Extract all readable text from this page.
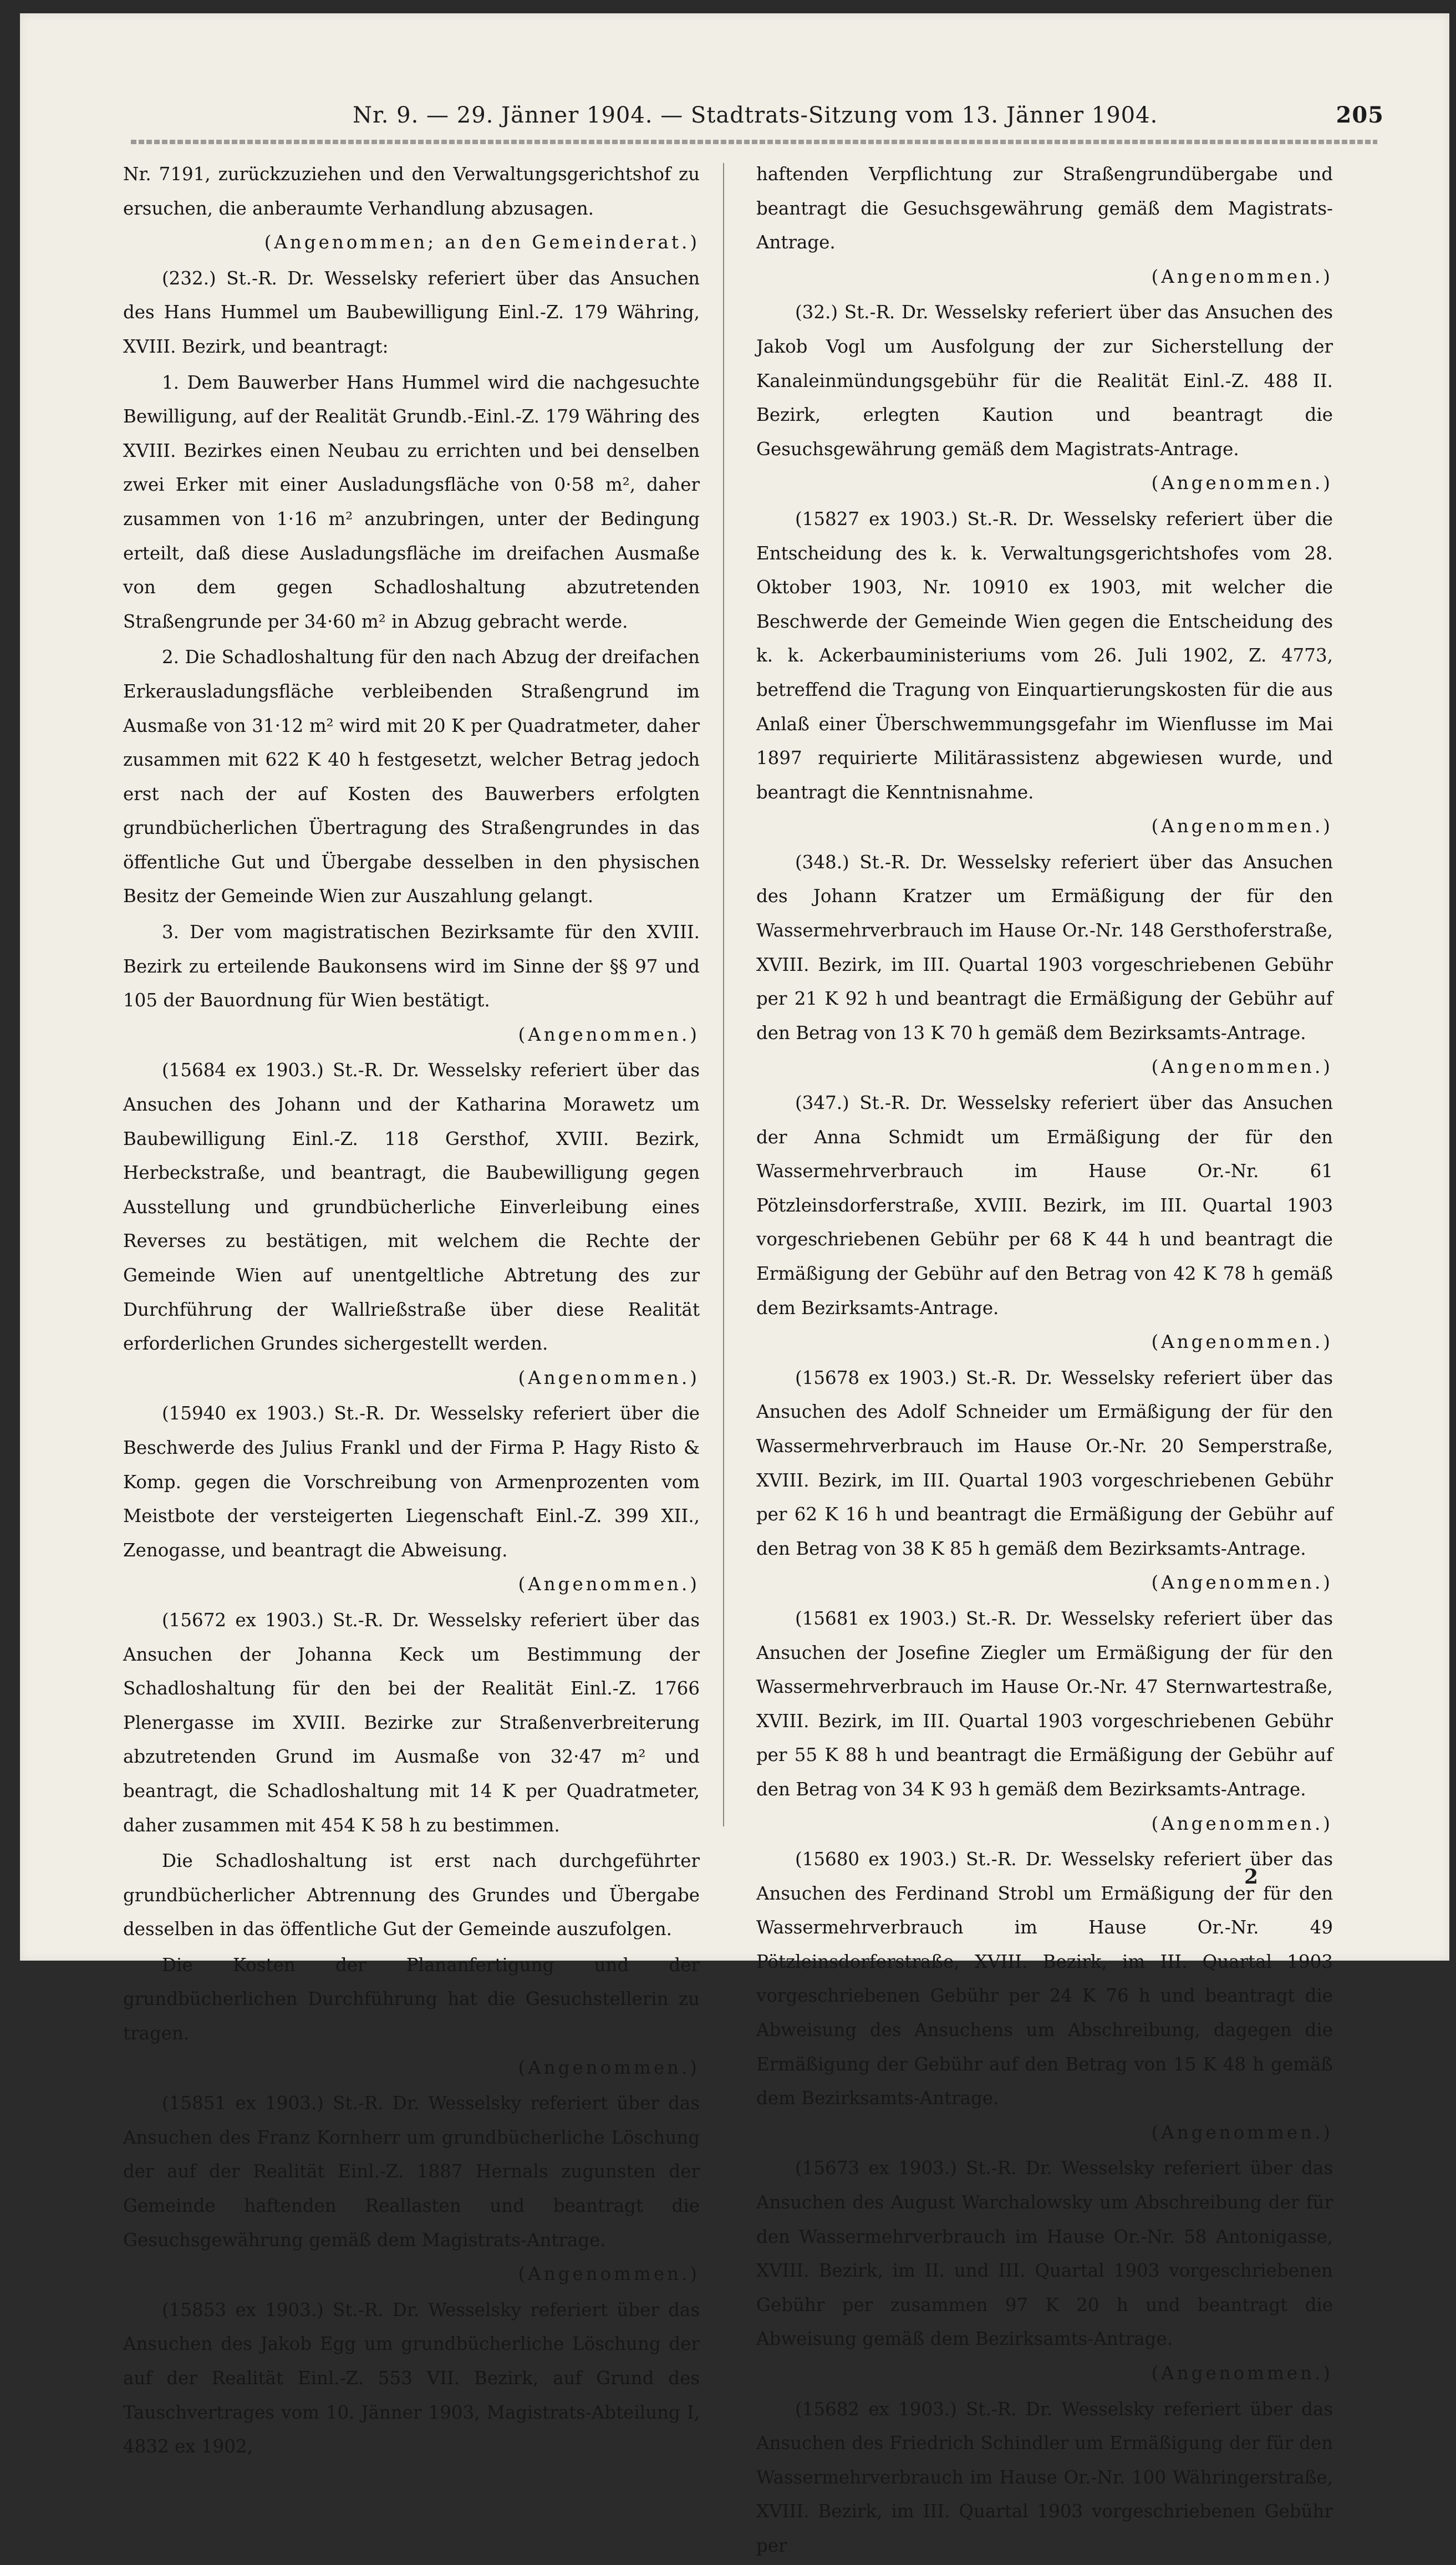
Nr. 9. — 29. Jänner 1904. — Stadtrats-Sitzung vom 13. Jänner 1904.	205

Nr. 7191, zurückzuziehen und den Verwaltungsgerichtshof zu ersuchen, die anberaumte Verhandlung abzusagen.
(Angenommen; an den Gemeinderat.)

(232.) St.-R. Dr. Wesselsky referiert über das Ansuchen des Hans Hummel um Baubewilligung Einl.-Z. 179 Währing, XVIII. Bezirk, und beantragt:

1. Dem Bauwerber Hans Hummel wird die nachgesuchte Bewilligung, auf der Realität Grundb.-Einl.-Z. 179 Währing des XVIII. Bezirkes einen Neubau zu errichten und bei denselben zwei Erker mit einer Ausladungsfläche von 0·58 m², daher zusammen von 1·16 m² anzubringen, unter der Bedingung erteilt, daß diese Ausladungsfläche im dreifachen Ausmaße von dem gegen Schadloshaltung abzutretenden Straßengrunde per 34·60 m² in Abzug gebracht werde.

2. Die Schadloshaltung für den nach Abzug der dreifachen Erkerausladungsfläche verbleibenden Straßengrund im Ausmaße von 31·12 m² wird mit 20 K per Quadratmeter, daher zusammen mit 622 K 40 h festgesetzt, welcher Betrag jedoch erst nach der auf Kosten des Bauwerbers erfolgten grundbücherlichen Übertragung des Straßengrundes in das öffentliche Gut und Übergabe desselben in den physischen Besitz der Gemeinde Wien zur Auszahlung gelangt.

3. Der vom magistratischen Bezirksamte für den XVIII. Bezirk zu erteilende Baukonsens wird im Sinne der §§ 97 und 105 der Bauordnung für Wien bestätigt.
(Angenommen.)

(15684 ex 1903.) St.-R. Dr. Wesselsky referiert über das Ansuchen des Johann und der Katharina Morawetz um Baubewilligung Einl.-Z. 118 Gersthof, XVIII. Bezirk, Herbeckstraße, und beantragt, die Baubewilligung gegen Ausstellung und grundbücherliche Einverleibung eines Reverses zu bestätigen, mit welchem die Rechte der Gemeinde Wien auf unentgeltliche Abtretung des zur Durchführung der Wallrießstraße über diese Realität erforderlichen Grundes sichergestellt werden.
(Angenommen.)

(15940 ex 1903.) St.-R. Dr. Wesselsky referiert über die Beschwerde des Julius Frankl und der Firma P. Hagy Risto & Komp. gegen die Vorschreibung von Armenprozenten vom Meistbote der versteigerten Liegenschaft Einl.-Z. 399 XII., Zenogasse, und beantragt die Abweisung.
(Angenommen.)

(15672 ex 1903.) St.-R. Dr. Wesselsky referiert über das Ansuchen der Johanna Keck um Bestimmung der Schadloshaltung für den bei der Realität Einl.-Z. 1766 Plenergasse im XVIII. Bezirke zur Straßenverbreiterung abzutretenden Grund im Ausmaße von 32·47 m² und beantragt, die Schadloshaltung mit 14 K per Quadratmeter, daher zusammen mit 454 K 58 h zu bestimmen.

Die Schadloshaltung ist erst nach durchgeführter grundbücherlicher Abtrennung des Grundes und Übergabe desselben in das öffentliche Gut der Gemeinde auszufolgen.

Die Kosten der Plananfertigung und der grundbücherlichen Durchführung hat die Gesuchstellerin zu tragen.
(Angenommen.)

(15851 ex 1903.) St.-R. Dr. Wesselsky referiert über das Ansuchen des Franz Kornherr um grundbücherliche Löschung der auf der Realität Einl.-Z. 1887 Hernals zugunsten der Gemeinde haftenden Reallasten und beantragt die Gesuchsgewährung gemäß dem Magistrats-Antrage.
(Angenommen.)

(15853 ex 1903.) St.-R. Dr. Wesselsky referiert über das Ansuchen des Jakob Egg um grundbücherliche Löschung der auf der Realität Einl.-Z. 553 VII. Bezirk, auf Grund des Tauschvertrages vom 10. Jänner 1903, Magistrats-Abteilung I, 4832 ex 1902,

haftenden Verpflichtung zur Straßengrundübergabe und beantragt die Gesuchsgewährung gemäß dem Magistrats-Antrage.
(Angenommen.)

(32.) St.-R. Dr. Wesselsky referiert über das Ansuchen des Jakob Vogl um Ausfolgung der zur Sicherstellung der Kanaleinmündungsgebühr für die Realität Einl.-Z. 488 II. Bezirk, erlegten Kaution und beantragt die Gesuchsgewährung gemäß dem Magistrats-Antrage.
(Angenommen.)

(15827 ex 1903.) St.-R. Dr. Wesselsky referiert über die Entscheidung des k. k. Verwaltungsgerichtshofes vom 28. Oktober 1903, Nr. 10910 ex 1903, mit welcher die Beschwerde der Gemeinde Wien gegen die Entscheidung des k. k. Ackerbauministeriums vom 26. Juli 1902, Z. 4773, betreffend die Tragung von Einquartierungskosten für die aus Anlaß einer Überschwemmungsgefahr im Wienflusse im Mai 1897 requirierte Militärassistenz abgewiesen wurde, und beantragt die Kenntnisnahme.
(Angenommen.)

(348.) St.-R. Dr. Wesselsky referiert über das Ansuchen des Johann Kratzer um Ermäßigung der für den Wassermehrverbrauch im Hause Or.-Nr. 148 Gersthoferstraße, XVIII. Bezirk, im III. Quartal 1903 vorgeschriebenen Gebühr per 21 K 92 h und beantragt die Ermäßigung der Gebühr auf den Betrag von 13 K 70 h gemäß dem Bezirksamts-Antrage.
(Angenommen.)

(347.) St.-R. Dr. Wesselsky referiert über das Ansuchen der Anna Schmidt um Ermäßigung der für den Wassermehrverbrauch im Hause Or.-Nr. 61 Pötzleinsdorferstraße, XVIII. Bezirk, im III. Quartal 1903 vorgeschriebenen Gebühr per 68 K 44 h und beantragt die Ermäßigung der Gebühr auf den Betrag von 42 K 78 h gemäß dem Bezirksamts-Antrage.
(Angenommen.)

(15678 ex 1903.) St.-R. Dr. Wesselsky referiert über das Ansuchen des Adolf Schneider um Ermäßigung der für den Wassermehrverbrauch im Hause Or.-Nr. 20 Semperstraße, XVIII. Bezirk, im III. Quartal 1903 vorgeschriebenen Gebühr per 62 K 16 h und beantragt die Ermäßigung der Gebühr auf den Betrag von 38 K 85 h gemäß dem Bezirksamts-Antrage.
(Angenommen.)

(15681 ex 1903.) St.-R. Dr. Wesselsky referiert über das Ansuchen der Josefine Ziegler um Ermäßigung der für den Wassermehrverbrauch im Hause Or.-Nr. 47 Sternwartestraße, XVIII. Bezirk, im III. Quartal 1903 vorgeschriebenen Gebühr per 55 K 88 h und beantragt die Ermäßigung der Gebühr auf den Betrag von 34 K 93 h gemäß dem Bezirksamts-Antrage.
(Angenommen.)

(15680 ex 1903.) St.-R. Dr. Wesselsky referiert über das Ansuchen des Ferdinand Strobl um Ermäßigung der für den Wassermehrverbrauch im Hause Or.-Nr. 49 Pötzleinsdorferstraße, XVIII. Bezirk, im III. Quartal 1903 vorgeschriebenen Gebühr per 24 K 76 h und beantragt die Abweisung des Ansuchens um Abschreibung, dagegen die Ermäßigung der Gebühr auf den Betrag von 15 K 48 h gemäß dem Bezirksamts-Antrage.
(Angenommen.)

(15673 ex 1903.) St.-R. Dr. Wesselsky referiert über das Ansuchen des August Warchalowsky um Abschreibung der für den Wassermehrverbrauch im Hause Or.-Nr. 58 Antonigasse, XVIII. Bezirk, im II. und III. Quartal 1903 vorgeschriebenen Gebühr per zusammen 97 K 20 h und beantragt die Abweisung gemäß dem Bezirksamts-Antrage.
(Angenommen.)

(15682 ex 1903.) St.-R. Dr. Wesselsky referiert über das Ansuchen des Friedrich Schindler um Ermäßigung der für den Wassermehrverbrauch im Hause Or.-Nr. 100 Währingerstraße, XVIII. Bezirk, im III. Quartal 1903 vorgeschriebenen Gebühr per

2
